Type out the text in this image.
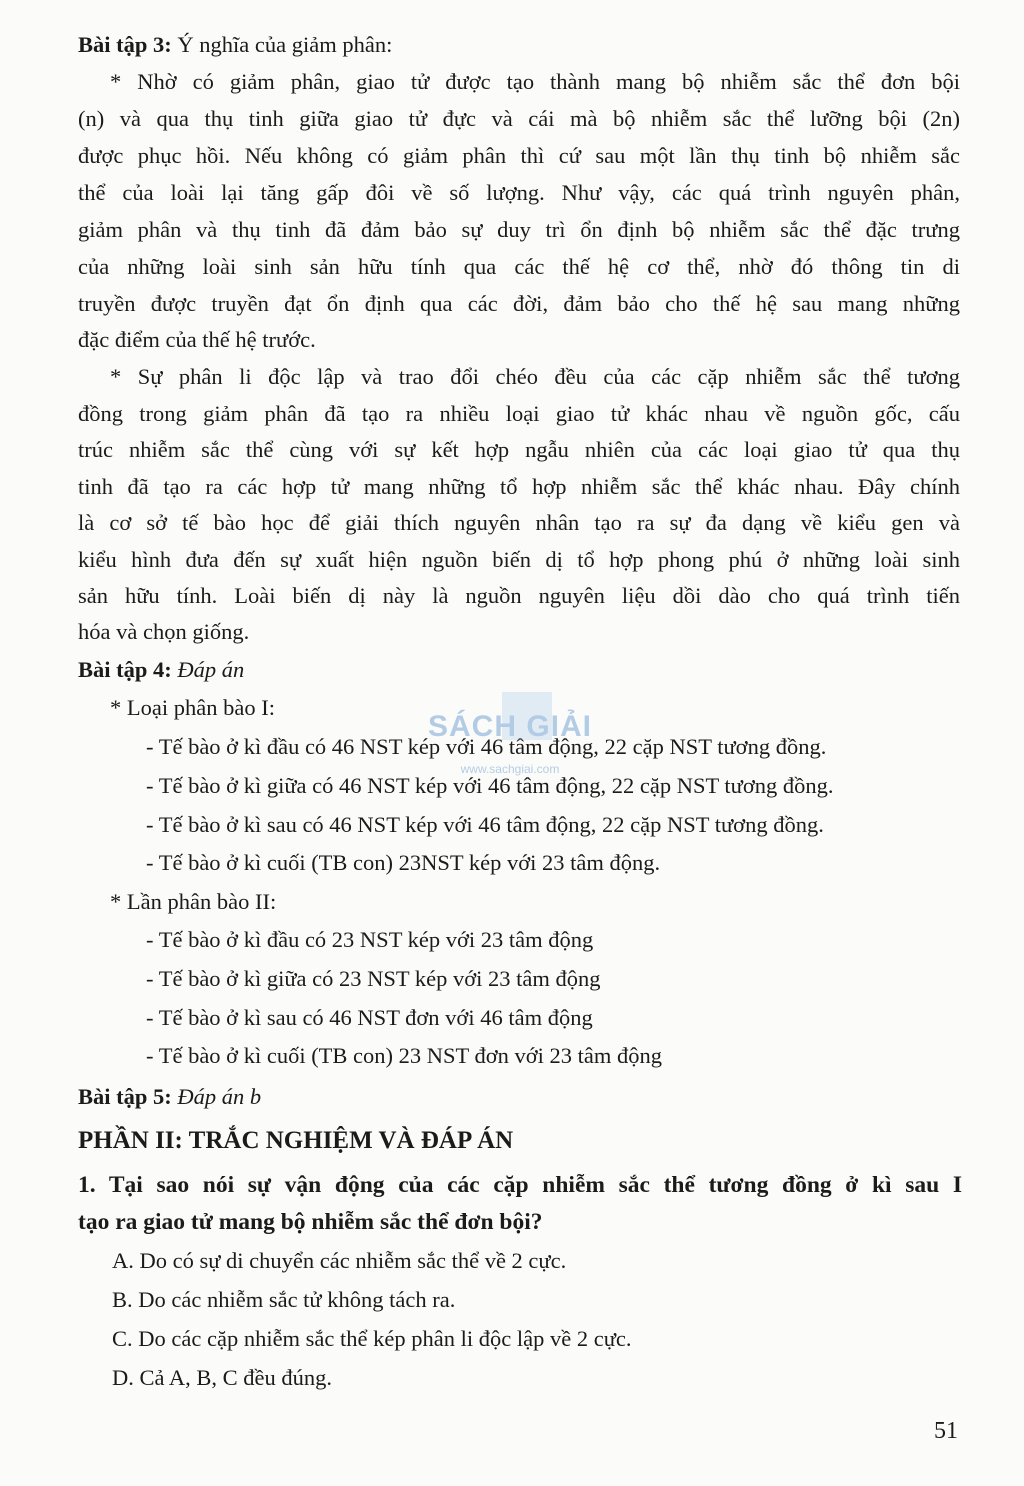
Bài tập 3: Ý nghĩa của giảm phân:
* Nhờ có giảm phân, giao tử được tạo thành mang bộ nhiễm sắc thể đơn bội
(n) và qua thụ tinh giữa giao tử đực và cái mà bộ nhiễm sắc thể lưỡng bội (2n)
được phục hồi. Nếu không có giảm phân thì cứ sau một lần thụ tinh bộ nhiễm sắc
thể của loài lại tăng gấp đôi về số lượng. Như vậy, các quá trình nguyên phân,
giảm phân và thụ tinh đã đảm bảo sự duy trì ổn định bộ nhiễm sắc thể đặc trưng
của những loài sinh sản hữu tính qua các thế hệ cơ thể, nhờ đó thông tin di
truyền được truyền đạt ổn định qua các đời, đảm bảo cho thế hệ sau mang những
đặc điểm của thế hệ trước.
* Sự phân li độc lập và trao đổi chéo đều của các cặp nhiễm sắc thể tương
đồng trong giảm phân đã tạo ra nhiều loại giao tử khác nhau về nguồn gốc, cấu
trúc nhiễm sắc thể cùng với sự kết hợp ngẫu nhiên của các loại giao tử qua thụ
tinh đã tạo ra các hợp tử mang những tổ hợp nhiễm sắc thể khác nhau. Đây chính
là cơ sở tế bào học để giải thích nguyên nhân tạo ra sự đa dạng về kiểu gen và
kiểu hình đưa đến sự xuất hiện nguồn biến dị tổ hợp phong phú ở những loài sinh
sản hữu tính. Loài biến dị này là nguồn nguyên liệu dồi dào cho quá trình tiến
hóa và chọn giống.
Bài tập 4: Đáp án
* Loại phân bào I:
- Tế bào ở kì đầu có 46 NST kép với 46 tâm động, 22 cặp NST tương đồng.
- Tế bào ở kì giữa có 46 NST kép với 46 tâm động, 22 cặp NST tương đồng.
- Tế bào ở kì sau có 46 NST kép với 46 tâm động, 22 cặp NST tương đồng.
- Tế bào ở kì cuối (TB con) 23NST kép với 23 tâm động.
* Lần phân bào II:
- Tế bào ở kì đầu có 23 NST kép với 23 tâm động
- Tế bào ở kì giữa có 23 NST kép với 23 tâm động
- Tế bào ở kì sau có 46 NST đơn với 46 tâm động
- Tế bào ở kì cuối (TB con) 23 NST đơn với 23 tâm động
Bài tập 5: Đáp án b
PHẦN II: TRẮC NGHIỆM VÀ ĐÁP ÁN
1. Tại sao nói sự vận động của các cặp nhiễm sắc thể tương đồng ở kì sau I
tạo ra giao tử mang bộ nhiễm sắc thể đơn bội?
A. Do có sự di chuyển các nhiễm sắc thể về 2 cực.
B. Do các nhiễm sắc tử không tách ra.
C. Do các cặp nhiễm sắc thể kép phân li độc lập về 2 cực.
D. Cả A, B, C đều đúng.
SÁCH GIẢI
www.sachgiai.com
51
